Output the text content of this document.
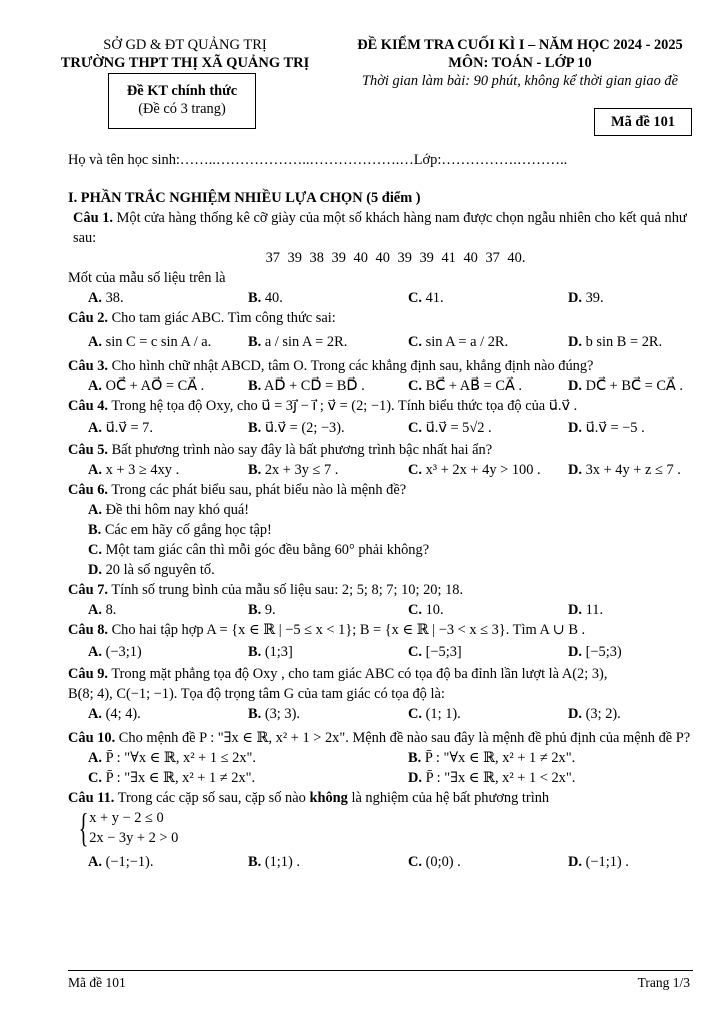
SỞ GD & ĐT QUẢNG TRỊ
TRƯỜNG THPT THỊ XÃ QUẢNG TRỊ
Đề KT chính thức
(Đề có 3 trang)
ĐỀ KIỂM TRA CUỐI KÌ I – NĂM HỌC 2024 - 2025
MÔN: TOÁN - LỚP 10
Thời gian làm bài: 90 phút, không kể thời gian giao đề
Mã đề 101
Họ và tên học sinh:……..………………..……………….…Lớp:…………….………..
I. PHẦN TRẮC NGHIỆM NHIỀU LỰA CHỌN (5 điểm )
Câu 1. Một cửa hàng thống kê cỡ giày của một số khách hàng nam được chọn ngẫu nhiên cho kết quả như sau:
37 39 38 39 40 40 39 39 41 40 37 40.
Mốt của mẫu số liệu trên là
A. 38.	B. 40.	C. 41.	D. 39.
Câu 2. Cho tam giác ABC. Tìm công thức sai:
A. sin C = c sin A / a.	B. a / sin A = 2R.	C. sin A = a / 2R.	D. b sin B = 2R.
Câu 3. Cho hình chữ nhật ABCD, tâm O. Trong các khẳng định sau, khẳng định nào đúng?
A. OC⃗ + AO⃗ = CA⃗ .	B. AD⃗ + CD⃗ = BD⃗ .	C. BC⃗ + AB⃗ = CA⃗ .	D. DC⃗ + BC⃗ = CA⃗ .
Câu 4. Trong hệ tọa độ Oxy, cho u⃗ = 3j⃗ − i⃗ ; v⃗ = (2; −1). Tính biểu thức tọa độ của u⃗.v⃗ .
A. u⃗.v⃗ = 7.	B. u⃗.v⃗ = (2; −3).	C. u⃗.v⃗ = 5√2 .	D. u⃗.v⃗ = −5 .
Câu 5. Bất phương trình nào say đây là bất phương trình bậc nhất hai ẩn?
A. x + 3 ≥ 4xy .	B. 2x + 3y ≤ 7 .	C. x³ + 2x + 4y > 100 .	D. 3x + 4y + z ≤ 7 .
Câu 6. Trong các phát biểu sau, phát biểu nào là mệnh đề?
A. Đề thi hôm nay khó quá!
B. Các em hãy cố gắng học tập!
C. Một tam giác cân thì mỗi góc đều bằng 60° phải không?
D. 20 là số nguyên tố.
Câu 7. Tính số trung bình của mẫu số liệu sau: 2; 5; 8; 7; 10; 20; 18.
A. 8.	B. 9.	C. 10.	D. 11.
Câu 8. Cho hai tập hợp A = {x ∈ ℝ | −5 ≤ x < 1}; B = {x ∈ ℝ | −3 < x ≤ 3}. Tìm A ∪ B .
A. (−3;1)	B. (1;3]	C. [−5;3]	D. [−5;3)
Câu 9. Trong mặt phẳng tọa độ Oxy , cho tam giác ABC có tọa độ ba đỉnh lần lượt là A(2; 3),
B(8; 4), C(−1; −1). Tọa độ trọng tâm G của tam giác có tọa độ là:
A. (4; 4).	B. (3; 3).	C. (1; 1).	D. (3; 2).
Câu 10. Cho mệnh đề P : "∃x ∈ ℝ, x² + 1 > 2x". Mệnh đề nào sau đây là mệnh đề phủ định của mệnh đề P?
A. P̄ : "∀x ∈ ℝ, x² + 1 ≤ 2x".	B. P̄ : "∀x ∈ ℝ, x² + 1 ≠ 2x".
C. P̄ : "∃x ∈ ℝ, x² + 1 ≠ 2x".	D. P̄ : "∃x ∈ ℝ, x² + 1 < 2x".
Câu 11. Trong các cặp số sau, cặp số nào không là nghiệm của hệ bất phương trình
{ x + y − 2 ≤ 0
2x − 3y + 2 > 0
A. (−1;−1).	B. (1;1) .	C. (0;0) .	D. (−1;1) .
Mã đề 101	Trang 1/3
